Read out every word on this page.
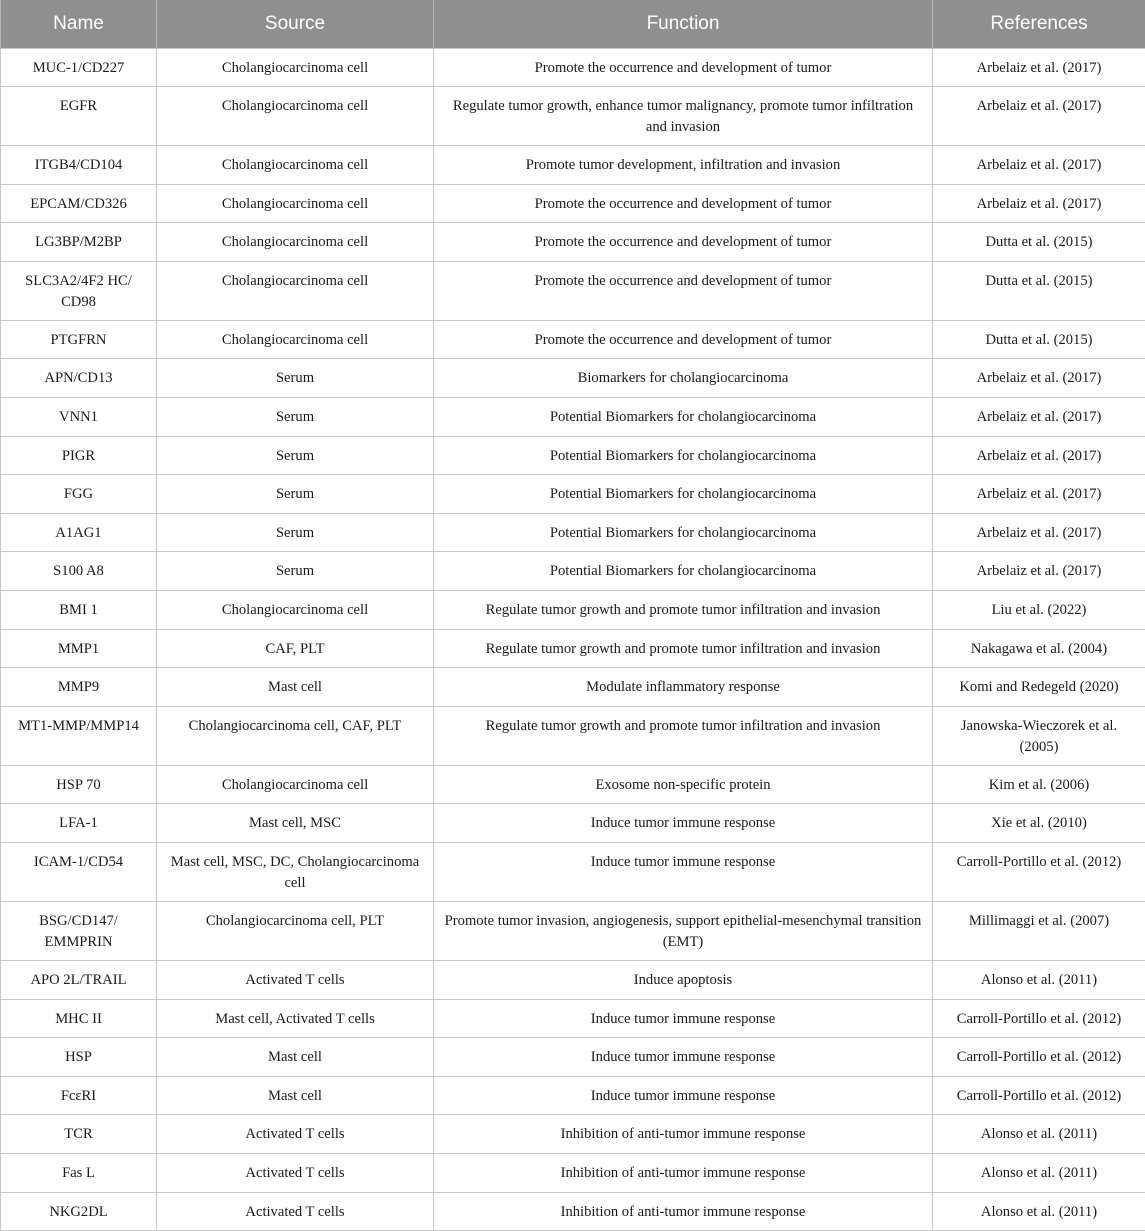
Name	Source	Function	References
MUC-1/CD227	Cholangiocarcinoma cell	Promote the occurrence and development of tumor	Arbelaiz et al. (2017)
EGFR	Cholangiocarcinoma cell	Regulate tumor growth, enhance tumor malignancy, promote tumor infiltration and invasion	Arbelaiz et al. (2017)
ITGB4/CD104	Cholangiocarcinoma cell	Promote tumor development, infiltration and invasion	Arbelaiz et al. (2017)
EPCAM/CD326	Cholangiocarcinoma cell	Promote the occurrence and development of tumor	Arbelaiz et al. (2017)
LG3BP/M2BP	Cholangiocarcinoma cell	Promote the occurrence and development of tumor	Dutta et al. (2015)
SLC3A2/4F2 HC/ CD98	Cholangiocarcinoma cell	Promote the occurrence and development of tumor	Dutta et al. (2015)
PTGFRN	Cholangiocarcinoma cell	Promote the occurrence and development of tumor	Dutta et al. (2015)
APN/CD13	Serum	Biomarkers for cholangiocarcinoma	Arbelaiz et al. (2017)
VNN1	Serum	Potential Biomarkers for cholangiocarcinoma	Arbelaiz et al. (2017)
PIGR	Serum	Potential Biomarkers for cholangiocarcinoma	Arbelaiz et al. (2017)
FGG	Serum	Potential Biomarkers for cholangiocarcinoma	Arbelaiz et al. (2017)
A1AG1	Serum	Potential Biomarkers for cholangiocarcinoma	Arbelaiz et al. (2017)
S100 A8	Serum	Potential Biomarkers for cholangiocarcinoma	Arbelaiz et al. (2017)
BMI 1	Cholangiocarcinoma cell	Regulate tumor growth and promote tumor infiltration and invasion	Liu et al. (2022)
MMP1	CAF, PLT	Regulate tumor growth and promote tumor infiltration and invasion	Nakagawa et al. (2004)
MMP9	Mast cell	Modulate inflammatory response	Komi and Redegeld (2020)
MT1-MMP/MMP14	Cholangiocarcinoma cell, CAF, PLT	Regulate tumor growth and promote tumor infiltration and invasion	Janowska-Wieczorek et al. (2005)
HSP 70	Cholangiocarcinoma cell	Exosome non-specific protein	Kim et al. (2006)
LFA-1	Mast cell, MSC	Induce tumor immune response	Xie et al. (2010)
ICAM-1/CD54	Mast cell, MSC, DC, Cholangiocarcinoma cell	Induce tumor immune response	Carroll-Portillo et al. (2012)
BSG/CD147/ EMMPRIN	Cholangiocarcinoma cell, PLT	Promote tumor invasion, angiogenesis, support epithelial-mesenchymal transition (EMT)	Millimaggi et al. (2007)
APO 2L/TRAIL	Activated T cells	Induce apoptosis	Alonso et al. (2011)
MHC II	Mast cell, Activated T cells	Induce tumor immune response	Carroll-Portillo et al. (2012)
HSP	Mast cell	Induce tumor immune response	Carroll-Portillo et al. (2012)
FcεRI	Mast cell	Induce tumor immune response	Carroll-Portillo et al. (2012)
TCR	Activated T cells	Inhibition of anti-tumor immune response	Alonso et al. (2011)
Fas L	Activated T cells	Inhibition of anti-tumor immune response	Alonso et al. (2011)
NKG2DL	Activated T cells	Inhibition of anti-tumor immune response	Alonso et al. (2011)
